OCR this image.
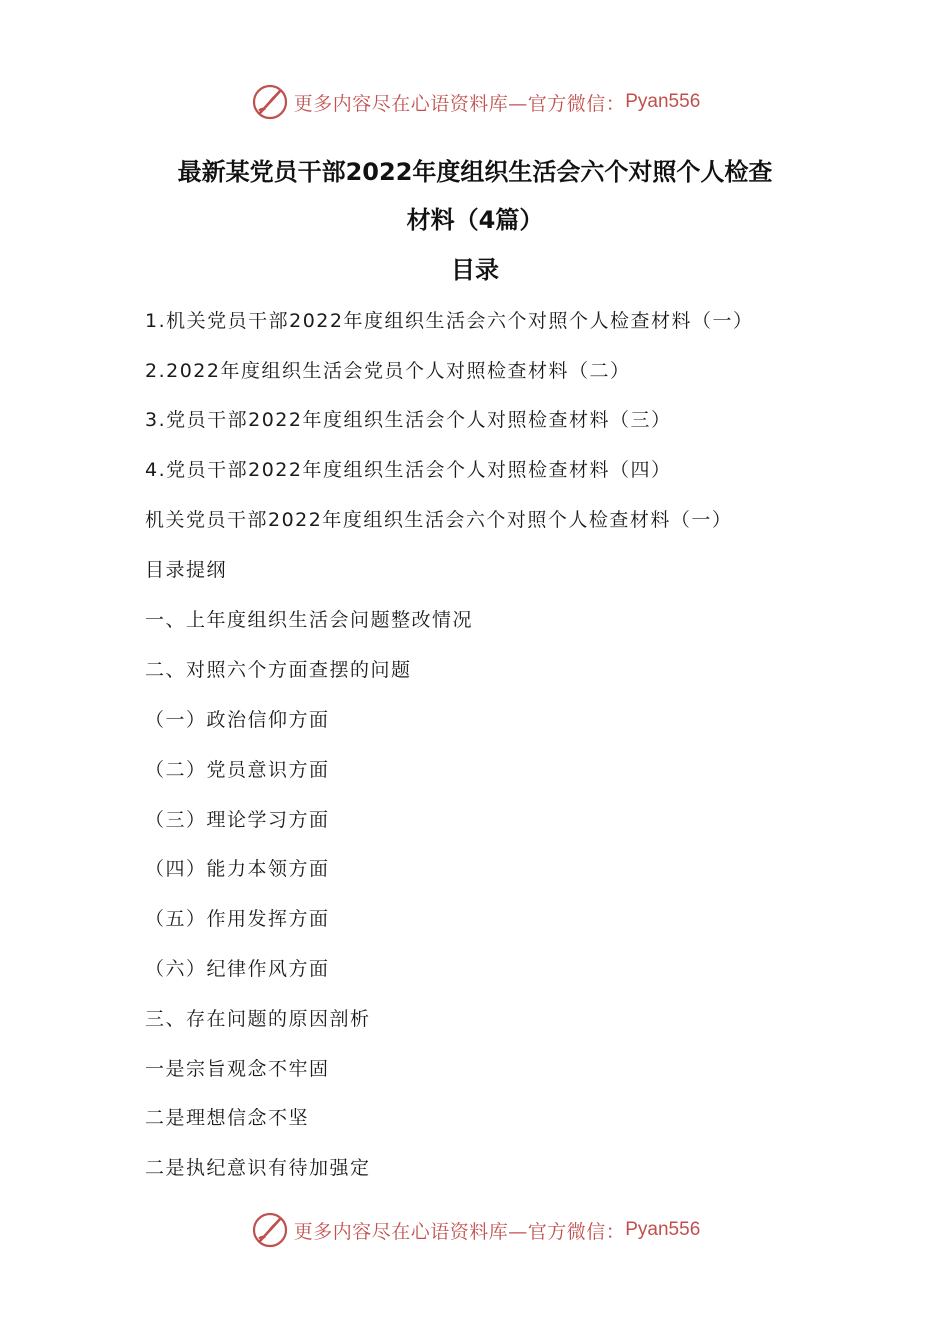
更多内容尽在心语资料库—官方微信： Pyan556
最新某党员干部2022年度组织生活会六个对照个人检查
材料（4篇）
目录
1.机关党员干部2022年度组织生活会六个对照个人检查材料（一）
2.2022年度组织生活会党员个人对照检查材料（二）
3.党员干部2022年度组织生活会个人对照检查材料（三）
4.党员干部2022年度组织生活会个人对照检查材料（四）
机关党员干部2022年度组织生活会六个对照个人检查材料（一）
目录提纲
一、上年度组织生活会问题整改情况
二、对照六个方面查摆的问题
（一）政治信仰方面
（二）党员意识方面
（三）理论学习方面
（四）能力本领方面
（五）作用发挥方面
（六）纪律作风方面
三、存在问题的原因剖析
一是宗旨观念不牢固
二是理想信念不坚
二是执纪意识有待加强定
更多内容尽在心语资料库—官方微信： Pyan556
